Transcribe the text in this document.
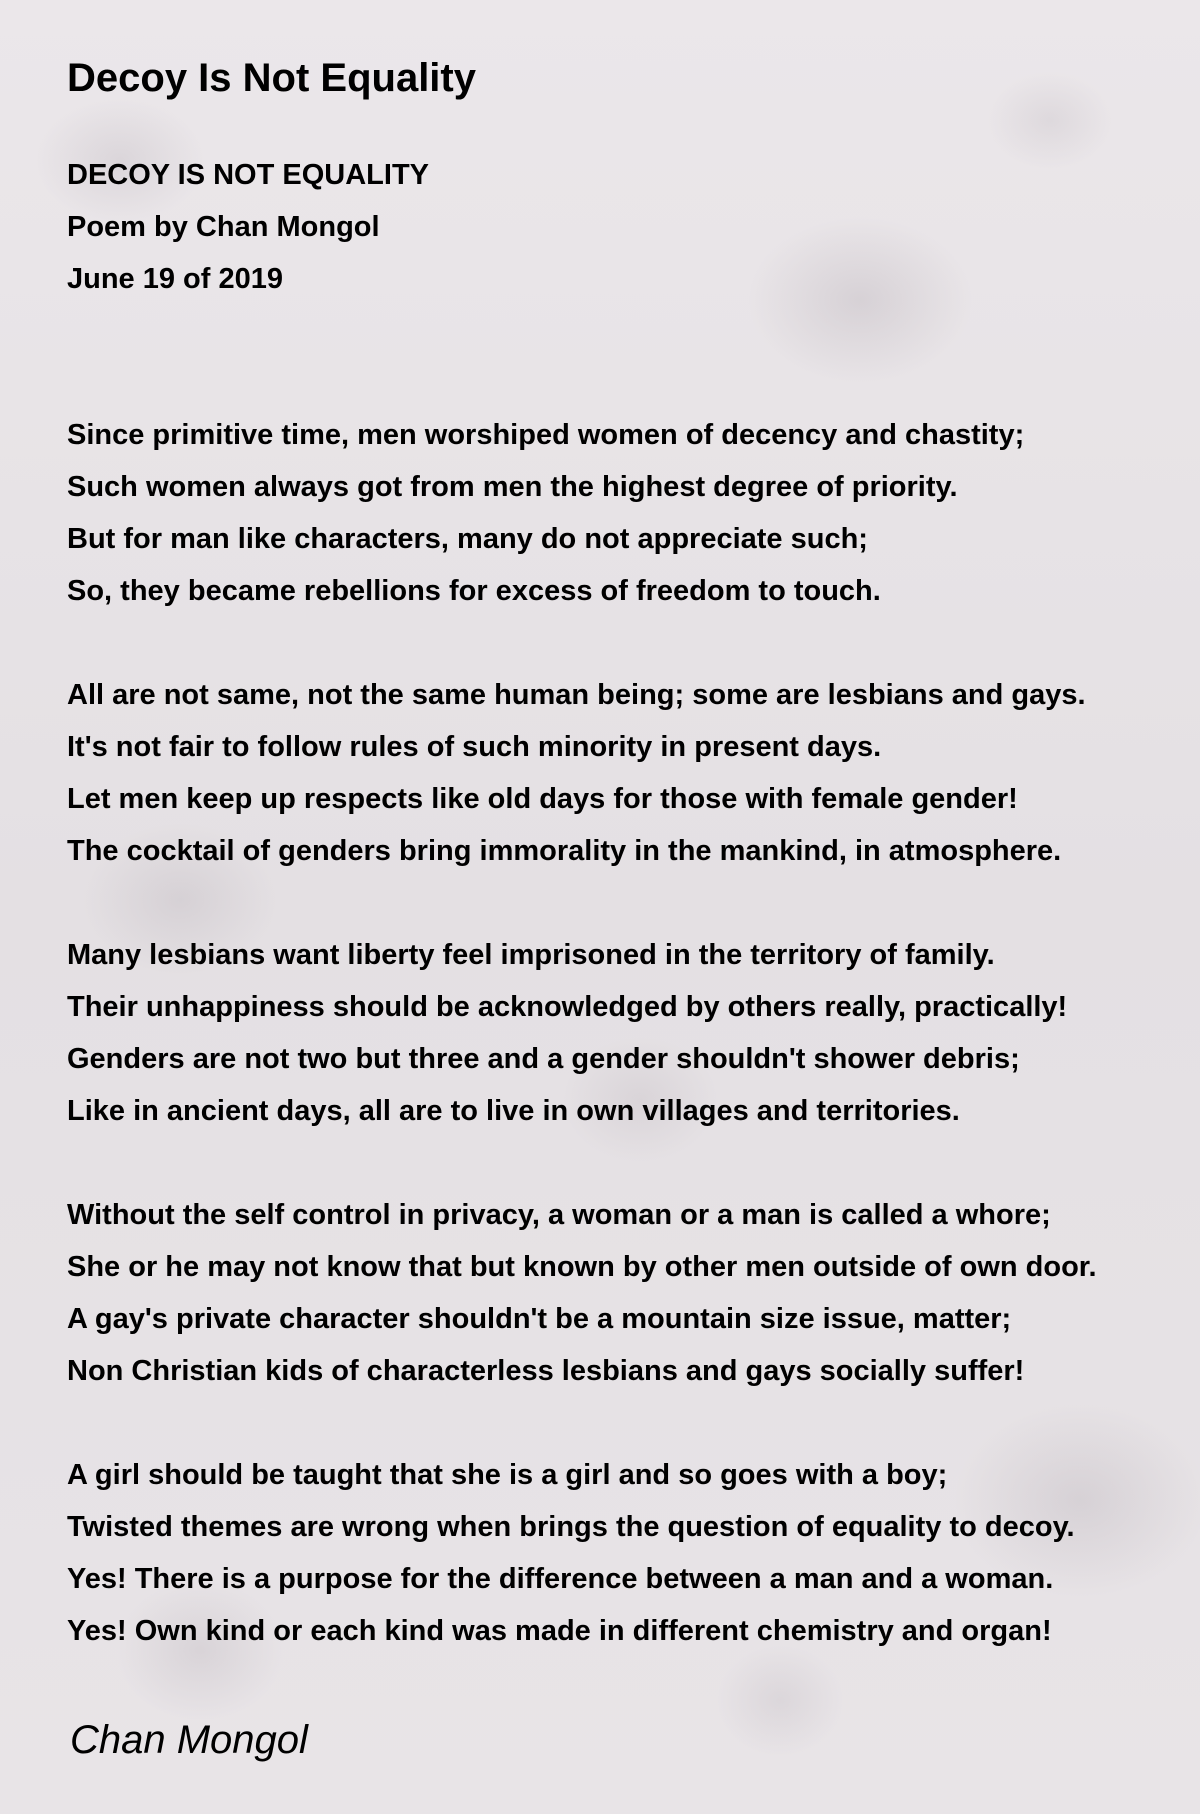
Decoy Is Not Equality
DECOY IS NOT EQUALITY
Poem by Chan Mongol
June 19 of 2019
Since primitive time, men worshiped women of decency and chastity;
Such women always got from men the highest degree of priority.
But for man like characters, many do not appreciate such;
So, they became rebellions for excess of freedom to touch.
All are not same, not the same human being; some are lesbians and gays.
It's not fair to follow rules of such minority in present days.
Let men keep up respects like old days for those with female gender!
The cocktail of genders bring immorality in the mankind, in atmosphere.
Many lesbians want liberty feel imprisoned in the territory of family.
Their unhappiness should be acknowledged by others really, practically!
Genders are not two but three and a gender shouldn't shower debris;
Like in ancient days, all are to live in own villages and territories.
Without the self control in privacy, a woman or a man is called a whore;
She or he may not know that but known by other men outside of own door.
A gay's private character shouldn't be a mountain size issue, matter;
Non Christian kids of characterless lesbians and gays socially suffer!
A girl should be taught that she is a girl and so goes with a boy;
Twisted themes are wrong when brings the question of equality to decoy.
Yes! There is a purpose for the difference between a man and a woman.
Yes! Own kind or each kind was made in different chemistry and organ!
Chan Mongol
